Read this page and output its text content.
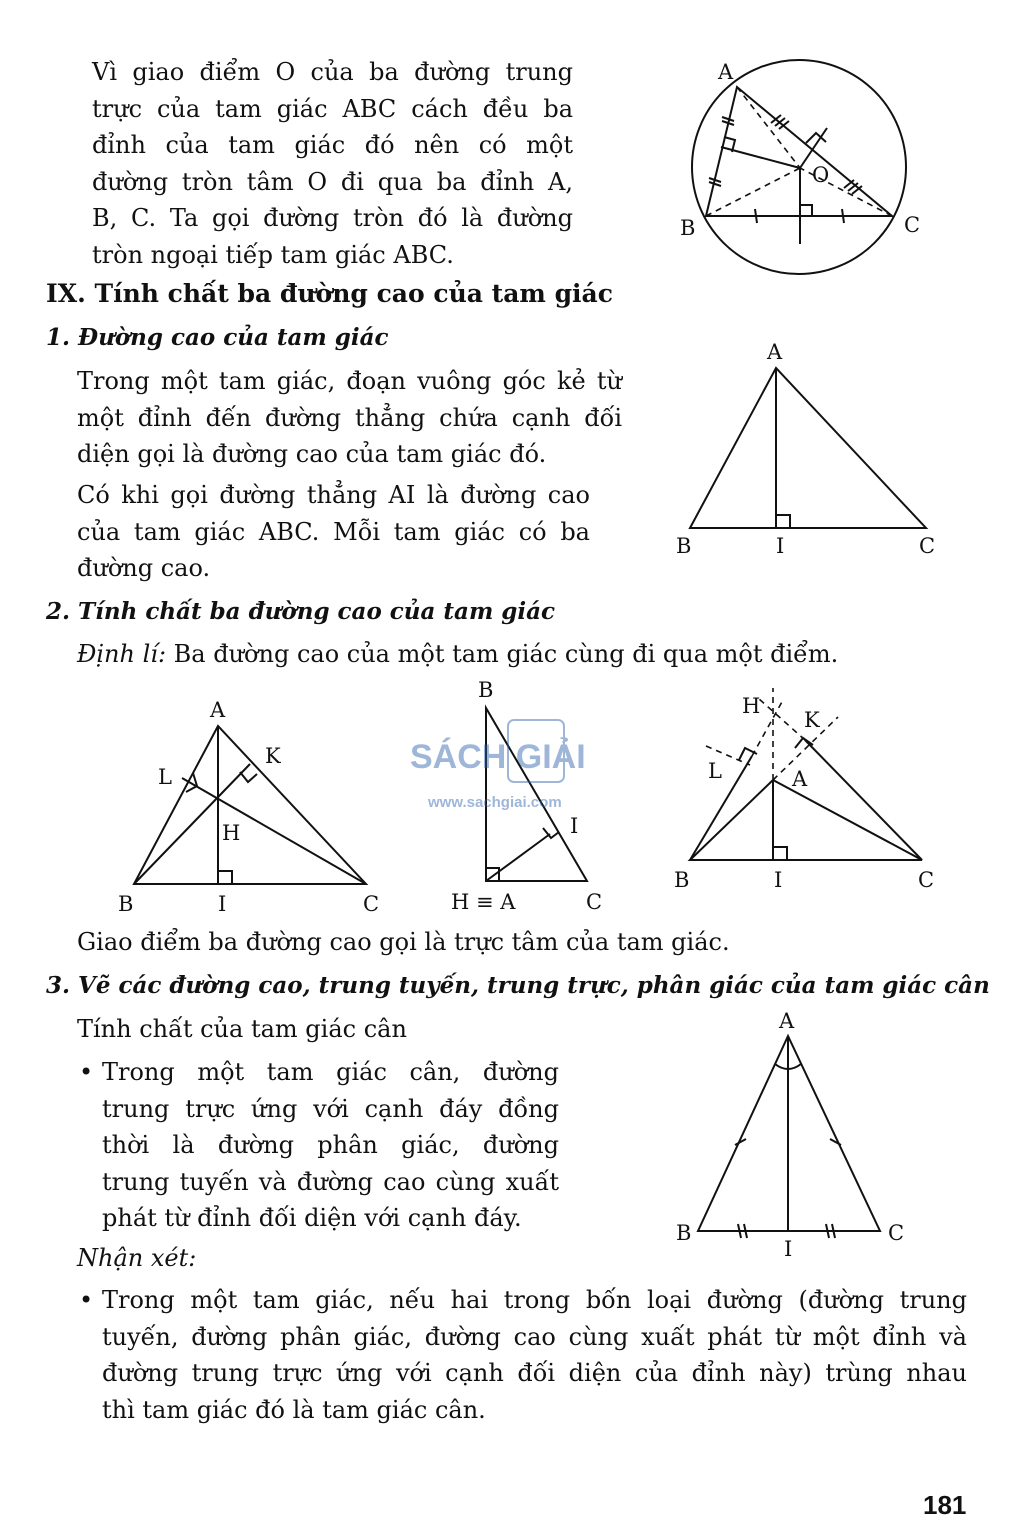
Vì giao điểm O của ba đường trung
trực của tam giác ABC cách đều ba
đỉnh của tam giác đó nên có một
đường tròn tâm O đi qua ba đỉnh A,
B, C. Ta gọi đường tròn đó là đường
tròn ngoại tiếp tam giác ABC.
A
B	C
O
IX. Tính chất ba đường cao của tam giác
1. Đường cao của tam giác
Trong một tam giác, đoạn vuông góc kẻ từ
một đỉnh đến đường thẳng chứa cạnh đối
diện gọi là đường cao của tam giác đó.
Có khi gọi đường thẳng AI là đường cao
của tam giác ABC. Mỗi tam giác có ba
đường cao.
A
B	I	C
2. Tính chất ba đường cao của tam giác
Định lí: Ba đường cao của một tam giác cùng đi qua một điểm.
A
L
K
H
B	I	C
B
I
H ≡ A	C
H
K
L	A
B	I	C
SÁCH GIẢI
www.sachgiai.com
Giao điểm ba đường cao gọi là trực tâm của tam giác.
3. Vẽ các đường cao, trung tuyến, trung trực, phân giác của tam giác cân
Tính chất của tam giác cân
• Trong một tam giác cân, đường
trung trực ứng với cạnh đáy đồng
thời là đường phân giác, đường
trung tuyến và đường cao cùng xuất
phát từ đỉnh đối diện với cạnh đáy.
Nhận xét:
• Trong một tam giác, nếu hai trong bốn loại đường (đường trung
tuyến, đường phân giác, đường cao cùng xuất phát từ một đỉnh và
đường trung trực ứng với cạnh đối diện của đỉnh này) trùng nhau
thì tam giác đó là tam giác cân.
A
B
I
C
181
